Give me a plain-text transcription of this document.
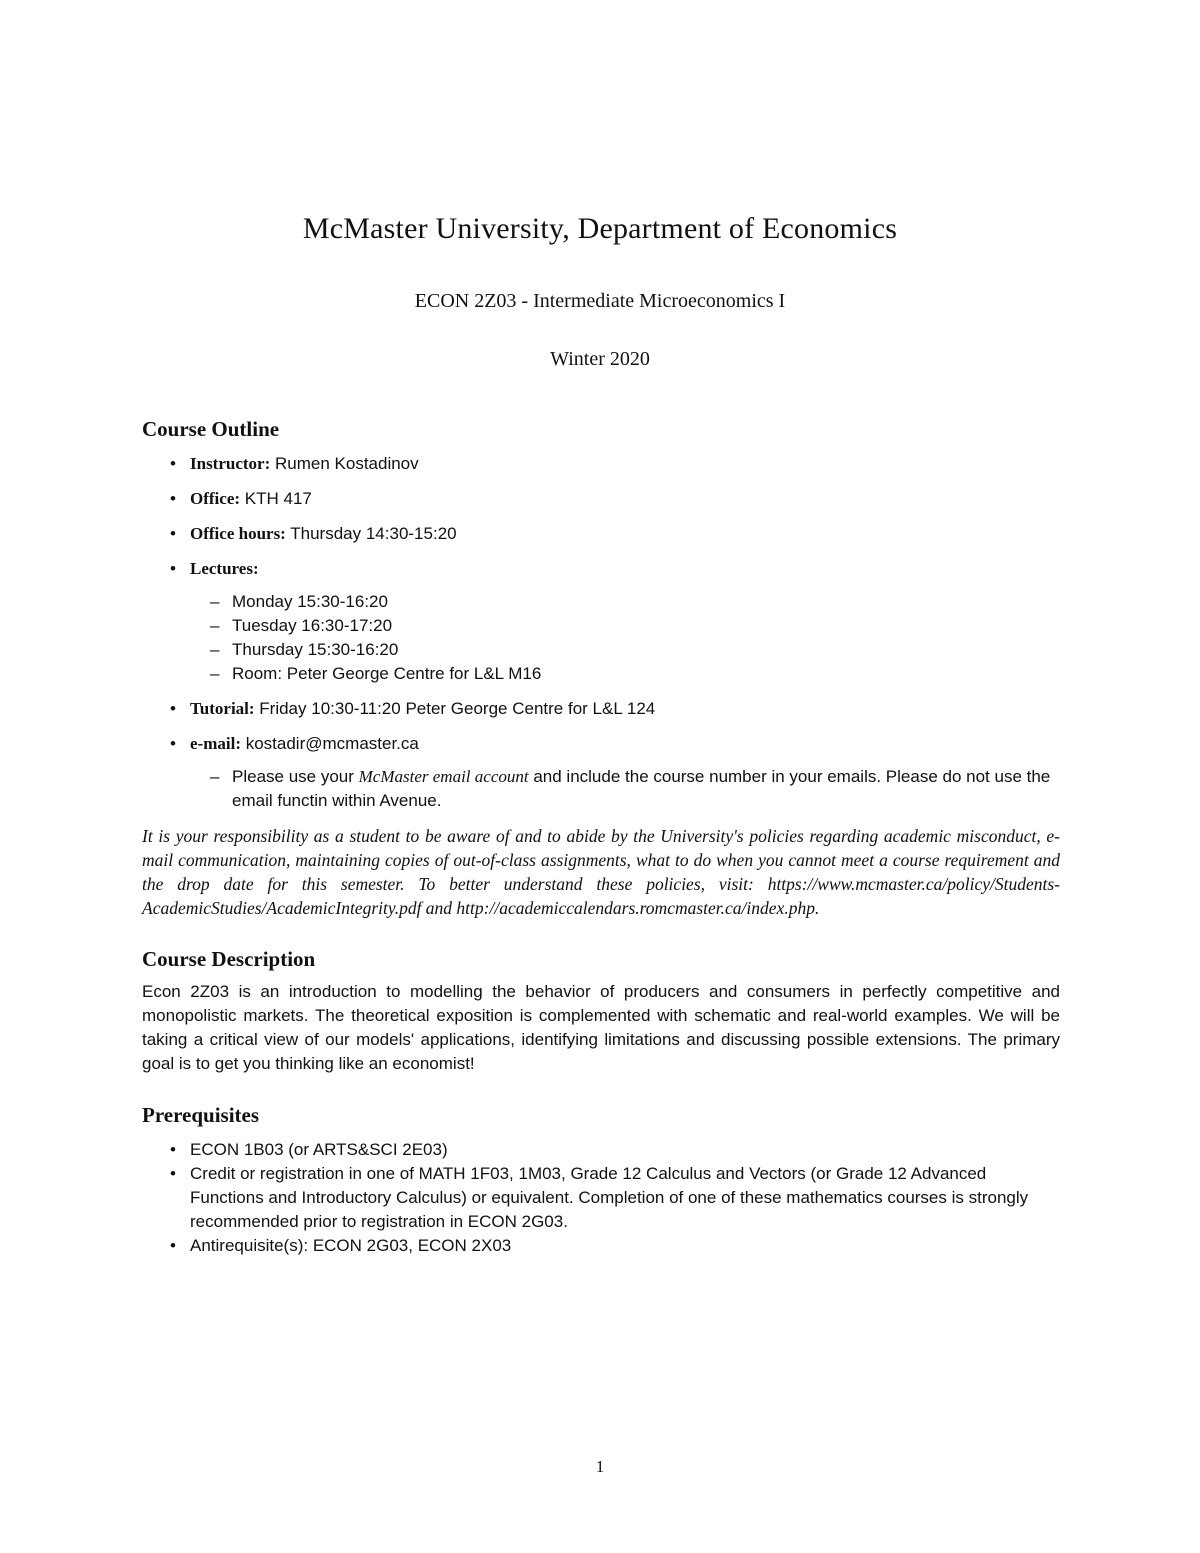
McMaster University, Department of Economics
ECON 2Z03 - Intermediate Microeconomics I
Winter 2020
Course Outline
• Instructor: Rumen Kostadinov
• Office: KTH 417
• Office hours: Thursday 14:30-15:20
• Lectures:
– Monday 15:30-16:20
– Tuesday 16:30-17:20
– Thursday 15:30-16:20
– Room: Peter George Centre for L&L M16
• Tutorial: Friday 10:30-11:20 Peter George Centre for L&L 124
• e-mail: kostadir@mcmaster.ca
– Please use your McMaster email account and include the course number in your emails. Please do not use the email functin within Avenue.
It is your responsibility as a student to be aware of and to abide by the University's policies regarding academic misconduct, e-mail communication, maintaining copies of out-of-class assignments, what to do when you cannot meet a course requirement and the drop date for this semester. To better understand these policies, visit: https://www.mcmaster.ca/policy/Students-AcademicStudies/AcademicIntegrity.pdf and http://academiccalendars.romcmaster.ca/index.php.
Course Description
Econ 2Z03 is an introduction to modelling the behavior of producers and consumers in perfectly competitive and monopolistic markets. The theoretical exposition is complemented with schematic and real-world examples. We will be taking a critical view of our models' applications, identifying limitations and discussing possible extensions. The primary goal is to get you thinking like an economist!
Prerequisites
• ECON 1B03 (or ARTS&SCI 2E03)
• Credit or registration in one of MATH 1F03, 1M03, Grade 12 Calculus and Vectors (or Grade 12 Advanced Functions and Introductory Calculus) or equivalent. Completion of one of these mathematics courses is strongly recommended prior to registration in ECON 2G03.
• Antirequisite(s): ECON 2G03, ECON 2X03
1
